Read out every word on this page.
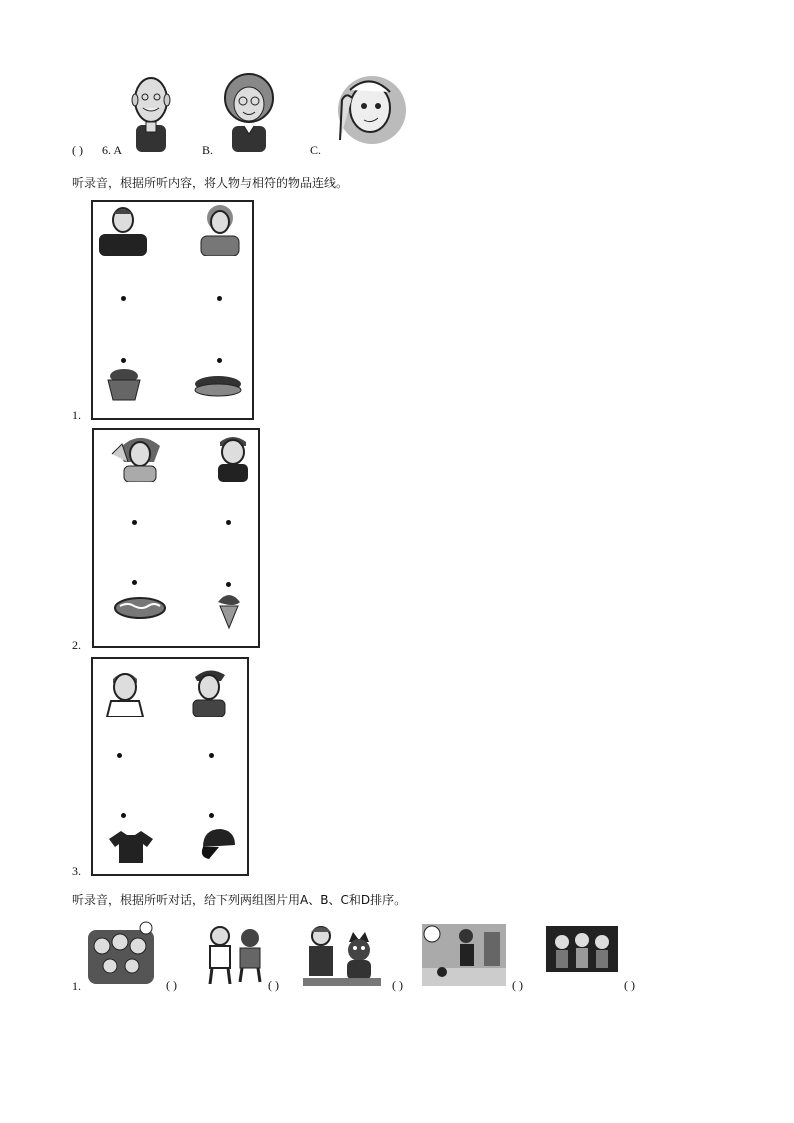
( ) 6. A	B.	C.
听录音，根据所听内容，将人物与相符的物品连线。
1.
2.
3.
听录音，根据所听对话，给下列两组图片用A、B、C和D排序。
1.	( )	( )	( )	( )	( )
